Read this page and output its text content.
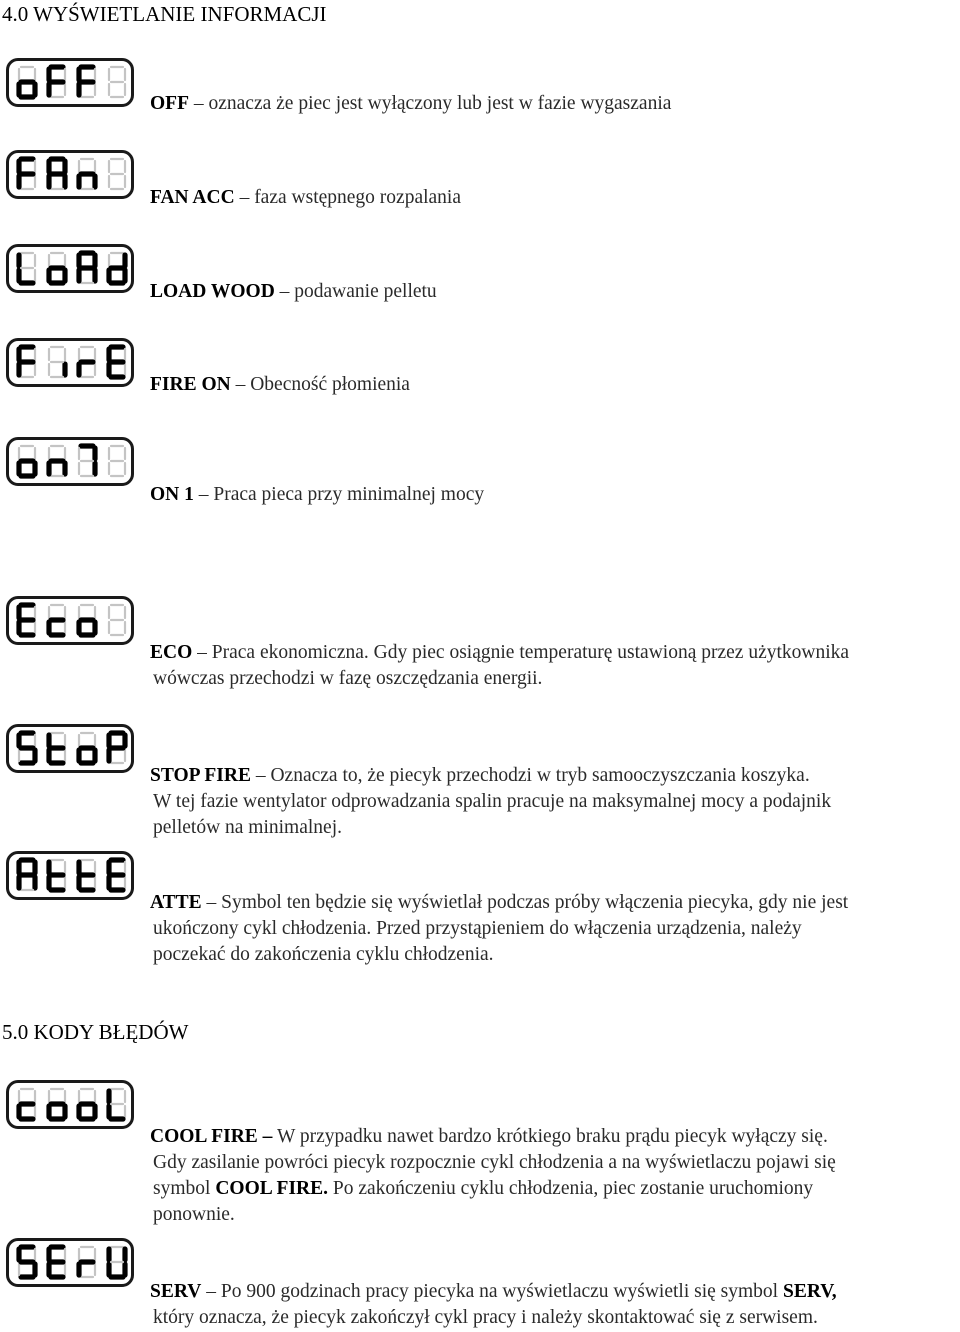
4.0 WYŚWIETLANIE INFORMACJI

OFF – oznacza że piec jest wyłączony lub jest w fazie wygaszania

FAN ACC – faza wstępnego rozpalania

LOAD WOOD – podawanie pelletu

FIRE ON – Obecność płomienia

ON 1 – Praca pieca przy minimalnej mocy

ECO – Praca ekonomiczna. Gdy piec osiągnie temperaturę ustawioną przez użytkownika
wówczas przechodzi w fazę oszczędzania energii.

STOP FIRE – Oznacza to, że piecyk przechodzi w tryb samooczyszczania koszyka.
W tej fazie wentylator odprowadzania spalin pracuje na maksymalnej mocy a podajnik
pelletów na minimalnej.

ATTE – Symbol ten będzie się wyświetlał podczas próby włączenia piecyka, gdy nie jest
ukończony cykl chłodzenia. Przed przystąpieniem do włączenia urządzenia, należy
poczekać do zakończenia cyklu chłodzenia.

5.0 KODY BŁĘDÓW

COOL FIRE – W przypadku nawet bardzo krótkiego braku prądu piecyk wyłączy się.
Gdy zasilanie powróci piecyk rozpocznie cykl chłodzenia a na wyświetlaczu pojawi się
symbol COOL FIRE. Po zakończeniu cyklu chłodzenia, piec zostanie uruchomiony
ponownie.

SERV – Po 900 godzinach pracy piecyka na wyświetlaczu wyświetli się symbol SERV,
który oznacza, że piecyk zakończył cykl pracy i należy skontaktować się z serwisem.
